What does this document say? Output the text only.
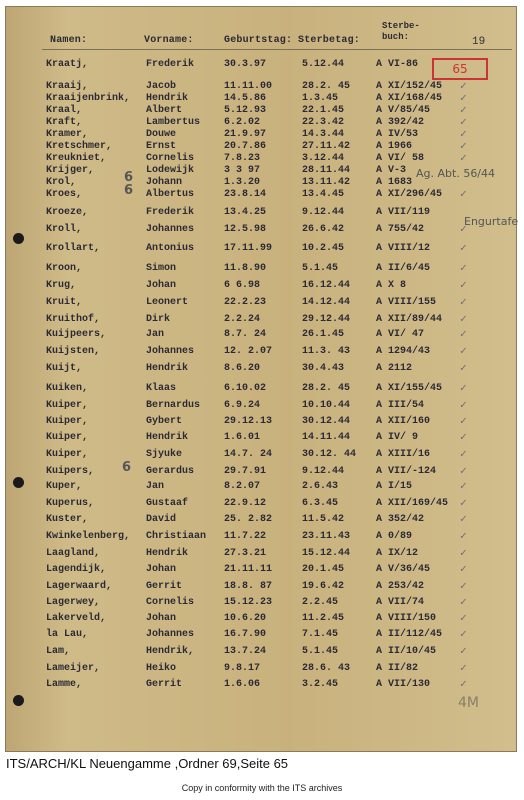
Namen:	Vorname:	Geburtstag: Sterbetag:
Sterbe-
buch:	19
65
Kraatj,	Frederik	30.3.97	5.12.44	A VI-86
Kraaij,	Jacob	11.11.00	28.2. 45	A XI/152/45 ✓
Kraaijenbrink, Hendrik	14.5.86	1.3.45	A XI/168/45 ✓
Kraal,	Albert	5.12.93	22.1.45	A V/85/45	✓
Kraft,	Lambertus 6.2.02	22.3.42	A 392/42	✓
Kramer,	Douwe	21.9.97	14.3.44	A IV/53	✓
Kretschmer,	Ernst	20.7.86	27.11.42	A 1966	✓
Kreukniet,	Cornelis	7.8.23	3.12.44	A VI/ 58	✓
Krijger,	Lodewijk	3 3 97	28.11.44	A V-3
Krol,	Johann	1.3.20	13.11.42	A 1683
Kroes,	Albertus	23.8.14	13.4.45	A XI/296/45 ✓
Kroeze,	Frederik	13.4.25	9.12.44	A VII/119
Kroll,	Johannes	12.5.98	26.6.42	A 755/42	✓
Krollart,	Antonius	17.11.99	10.2.45	A VIII/12	✓
Kroon,	Simon	11.8.90	5.1.45	A II/6/45	✓
Krug,	Johan	6 6.98	16.12.44	A X 8	✓
Kruit,	Leonert	22.2.23	14.12.44	A VIII/155 ✓
Kruithof,	Dirk	2.2.24	29.12.44	A XII/89/44 ✓
Kuijpeers,	Jan	8.7. 24	26.1.45	A VI/ 47	✓
Kuijsten,	Johannes	12. 2.07	11.3. 43	A 1294/43	✓
Kuijt,	Hendrik	8.6.20	30.4.43	A 2112	✓
Kuiken,	Klaas	6.10.02	28.2. 45	A XI/155/45 ✓
Kuiper,	Bernardus 6.9.24	10.10.44	A III/54	✓
Kuiper,	Gybert	29.12.13	30.12.44	A XII/160	✓
Kuiper,	Hendrik	1.6.01	14.11.44	A IV/ 9	✓
Kuiper,	Sjyuke	14.7. 24	30.12. 44 A XIII/16	✓
Kuipers,	Gerardus	29.7.91	9.12.44	A VII/-124 ✓
Kuper,	Jan	8.2.07	2.6.43	A I/15	✓
Kuperus,	Gustaaf	22.9.12	6.3.45	A XII/169/45 ✓
Kuster,	David	25. 2.82	11.5.42	A 352/42	✓
Kwinkelenberg, Christiaan 11.7.22	23.11.43	A 0/89	✓
Laagland,	Hendrik	27.3.21	15.12.44	A IX/12	✓
Lagendijk,	Johan	21.11.11	20.1.45	A V/36/45	✓
Lagerwaard,	Gerrit	18.8. 87	19.6.42	A 253/42	✓
Lagerwey,	Cornelis	15.12.23	2.2.45	A VII/74	✓
Lakerveld,	Johan	10.6.20	11.2.45	A VIII/150 ✓
la Lau,	Johannes	16.7.90	7.1.45	A II/112/45 ✓
Lam,	Hendrik,	13.7.24	5.1.45	A II/10/45 ✓
Lameijer,	Heiko	9.8.17	28.6. 43	A II/82	✓
Lamme,	Gerrit	1.6.06	3.2.45	A VII/130	✓
Ag. Abt. 56/44
Engurtafe
6
6
6
4M
ITS/ARCH/KL Neuengamme ,Ordner 69,Seite 65
Copy in conformity with the ITS archives
